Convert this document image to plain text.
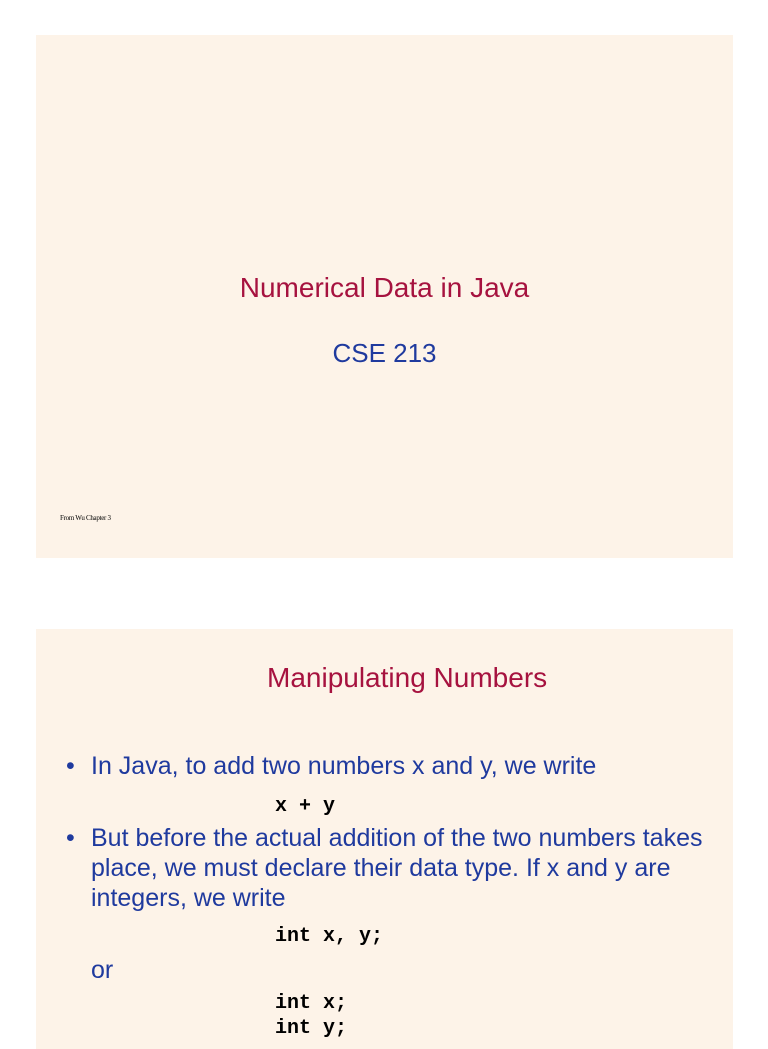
Numerical Data in Java
CSE 213
From Wu Chapter 3
Manipulating Numbers
• In Java, to add two numbers x and y, we write
x + y
• But before the actual addition of the two numbers takes place, we must declare their data type. If x and y are integers, we write
int x, y;
or
int x;
int y;
